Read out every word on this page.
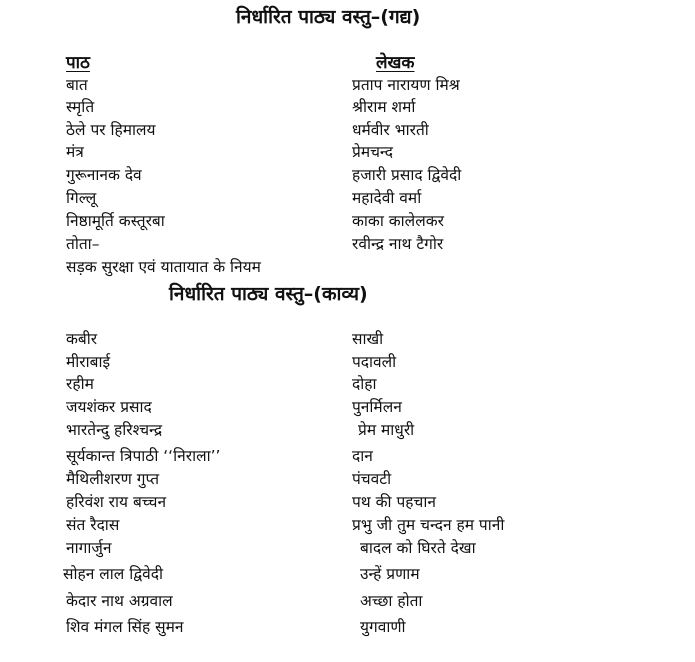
निर्धारित पाठ्य वस्तु–(गद्य)
पाठ	लेखक
बात	प्रताप नारायण मिश्र
स्मृति	श्रीराम शर्मा
ठेले पर हिमालय	धर्मवीर भारती
मंत्र	प्रेमचन्द
गुरूनानक देव	हजारी प्रसाद द्विवेदी
गिल्लू	महादेवी वर्मा
निष्ठामूर्ति कस्तूरबा	काका कालेलकर
तोता–	रवीन्द्र नाथ टैगोर
सड़क सुरक्षा एवं यातायात के नियम
निर्धारित पाठ्य वस्तु–(काव्य)
कबीर	साखी
मीराबाई	पदावली
रहीम	दोहा
जयशंकर प्रसाद	पुनर्मिलन
भारतेन्दु हरिश्चन्द्र	प्रेम माधुरी
सूर्यकान्त त्रिपाठी ‘‘निराला’’	दान
मैथिलीशरण गुप्त	पंचवटी
हरिवंश राय बच्चन	पथ की पहचान
संत रैदास	प्रभु जी तुम चन्दन हम पानी
नागार्जुन	बादल को घिरते देखा
सोहन लाल द्विवेदी	उन्हें प्रणाम
केदार नाथ अग्रवाल	अच्छा होता
शिव मंगल सिंह सुमन	युगवाणी
